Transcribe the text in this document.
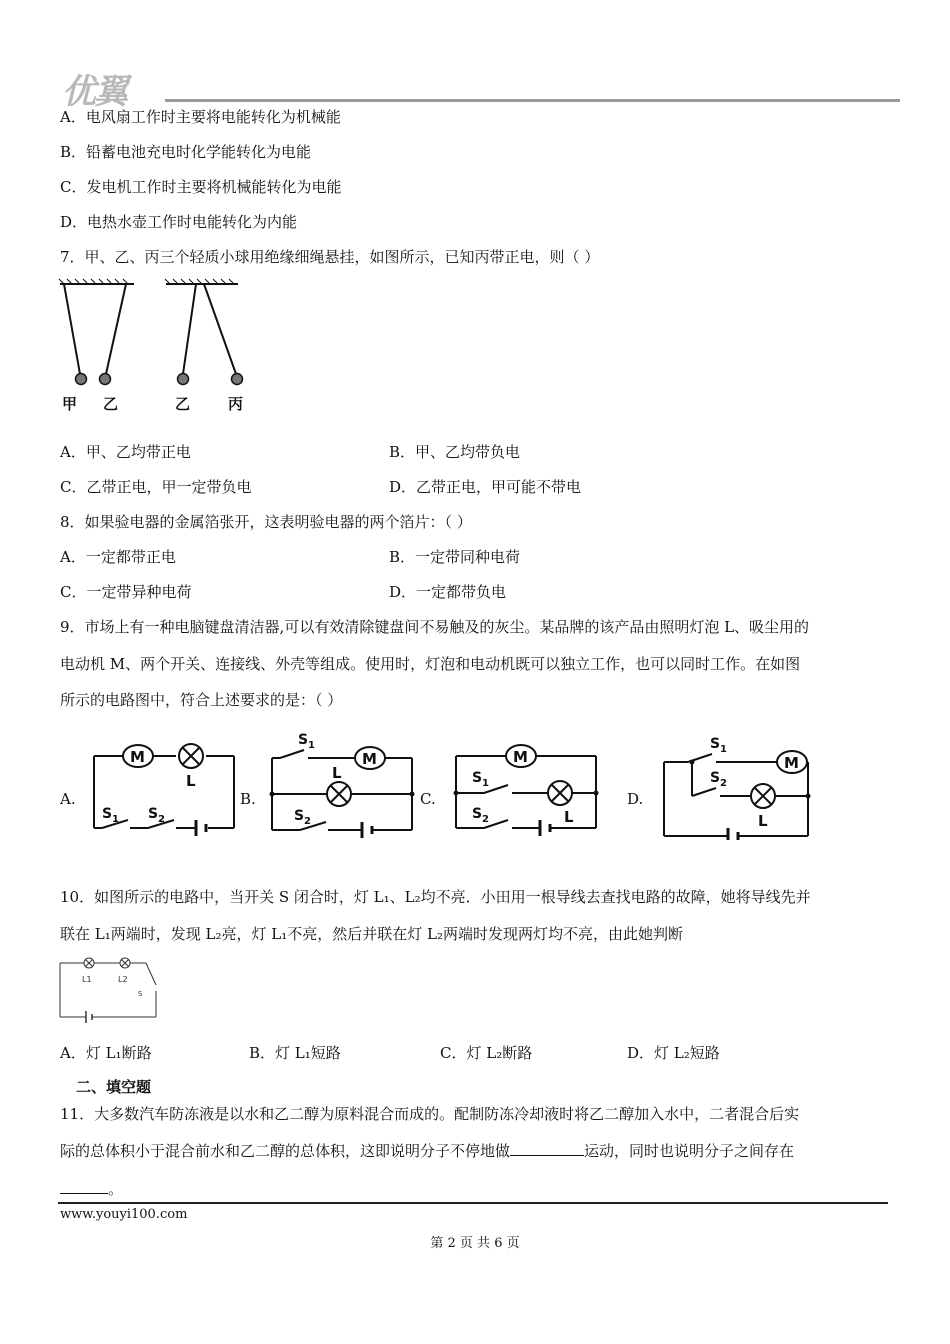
优翼
A．电风扇工作时主要将电能转化为机械能
B．铅蓄电池充电时化学能转化为电能
C．发电机工作时主要将机械能转化为电能
D．电热水壶工作时电能转化为内能
7．甲、乙、丙三个轻质小球用绝缘细绳悬挂，如图所示，已知丙带正电，则（ ）
甲 乙	乙	丙
A．甲、乙均带正电	B．甲、乙均带负电
C．乙带正电，甲一定带负电	D．乙带正电，甲可能不带电
8．如果验电器的金属箔张开，这表明验电器的两个箔片：（ ）
A．一定都带正电	B．一定带同种电荷
C．一定带异种电荷	D．一定都带负电
9．市场上有一种电脑键盘清洁器,可以有效清除键盘间不易触及的灰尘。某品牌的该产品由照明灯泡 L、吸尘用的
电动机 M、两个开关、连接线、外壳等组成。使用时，灯泡和电动机既可以独立工作，也可以同时工作。在如图
所示的电路图中，符合上述要求的是：（ ）
A.
M
L
S 1 S 2
B.
M
L
S 1
S 2
C.
M
L
S 1
S 2
D.
M
L
S 1
S 2
10．如图所示的电路中，当开关 S 闭合时，灯 L₁、L₂均不亮．小田用一根导线去查找电路的故障，她将导线先并
联在 L₁两端时，发现 L₂亮，灯 L₁不亮，然后并联在灯 L₂两端时发现两灯均不亮，由此她判断
L1	L2
S
A．灯 L₁断路	B．灯 L₁短路	C．灯 L₂断路	D．灯 L₂短路
二、填空题
11．大多数汽车防冻液是以水和乙二醇为原料混合而成的。配制防冻冷却液时将乙二醇加入水中，二者混合后实
际的总体积小于混合前水和乙二醇的总体积，这即说明分子不停地做	运动，同时也说明分子之间存在
。
www.youyi100.com
第 2 页 共 6 页
